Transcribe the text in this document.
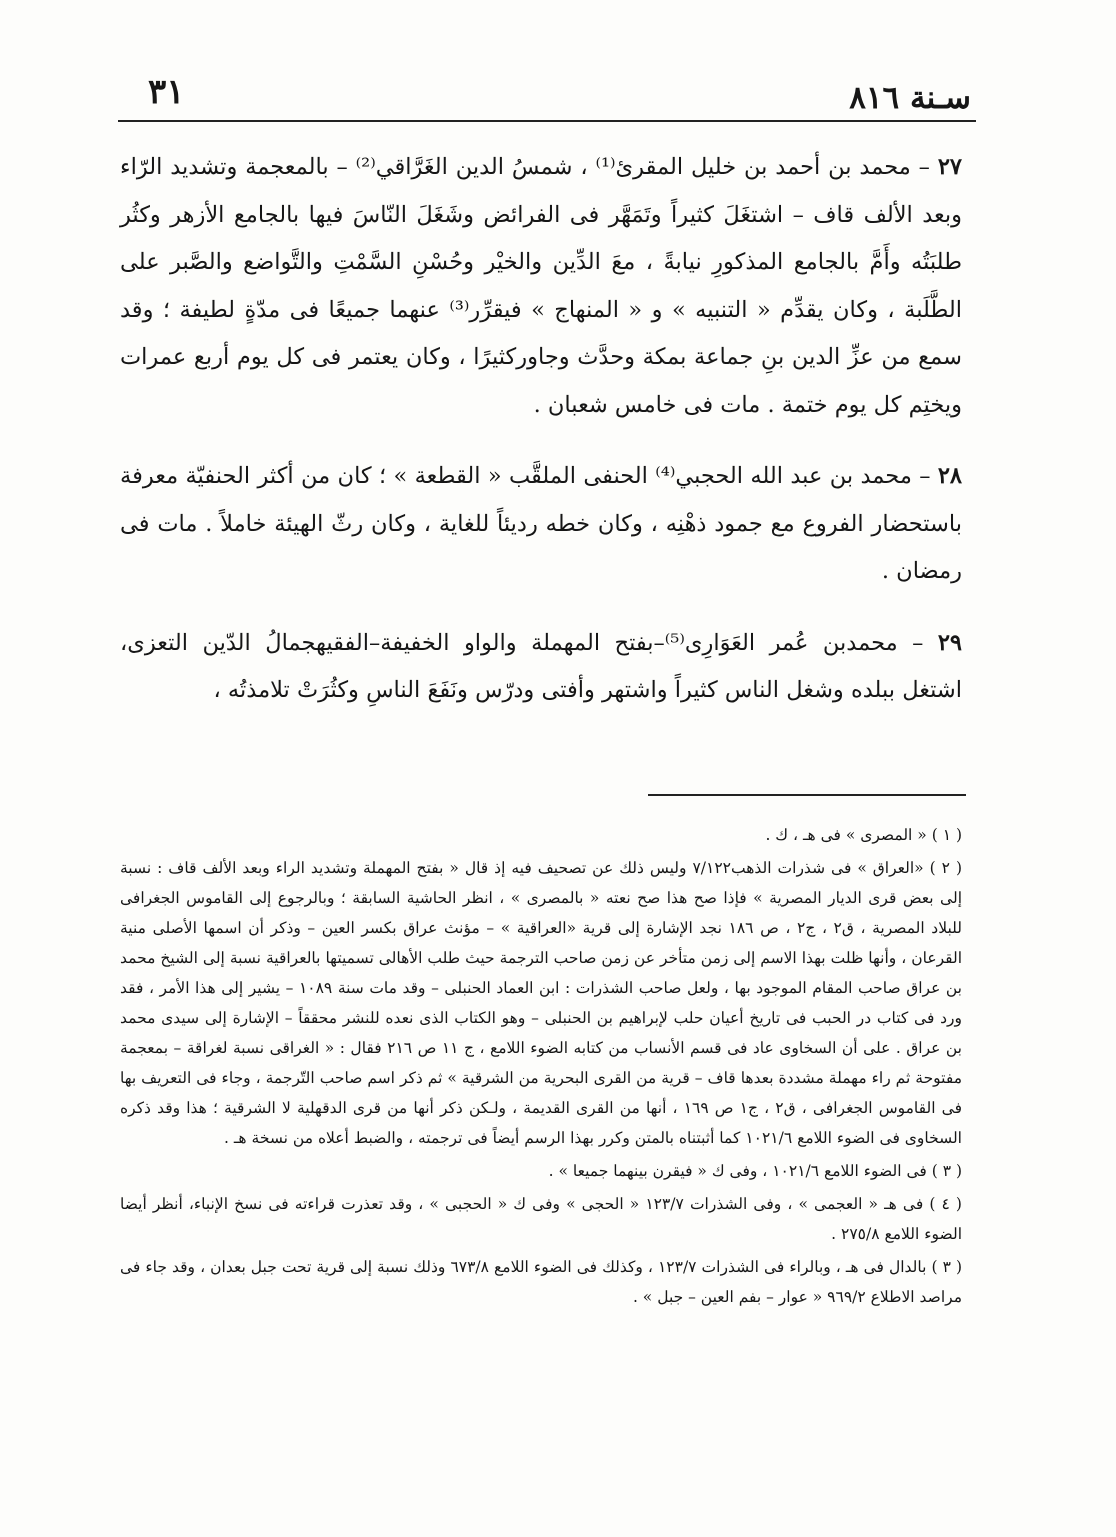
سـنة ٨١٦
٣١

٢٧ – محمد بن أحمد بن خليل المقرئ⁽¹⁾ ، شمسُ الدين الغَرَّاقي⁽²⁾ – بالمعجمة وتشديد الرّاء وبعد الألف قاف – اشتغَلَ كثيراً وتَمَهَّر فى الفرائض وشَغَلَ النّاسَ فيها بالجامع الأزهر وكثُر طلبَتُه وأَمَّ بالجامع المذكورِ نيابةً ، معَ الدِّين والخيْر وحُسْنِ السَّمْتِ والتَّواضع والصَّبر على الطَّلَبة ، وكان يقدِّم « التنبيه » و « المنهاج » فيقرِّر⁽³⁾ عنهما جميعًا فى مدّةٍ لطيفة ؛ وقد سمع من عزِّ الدين بنِ جماعة بمكة وحدَّث وجاوركثيرًا ، وكان يعتمر فى كل يوم أربع عمرات ويختِم كل يوم ختمة . مات فى خامس شعبان .

٢٨ – محمد بن عبد الله الحجبي⁽⁴⁾ الحنفى الملقَّب « القطعة » ؛ كان من أكثر الحنفيّة معرفة باستحضار الفروع مع جمود ذهْنِه ، وكان خطه رديئاً للغاية ، وكان رثّ الهيئة خاملاً . مات فى رمضان .

٢٩ – محمدبن عُمر العَوَارِى⁽⁵⁾–بفتح المهملة والواو الخفيفة–الفقيهجمالُ الدّين التعزى، اشتغل ببلده وشغل الناس كثيراً واشتهر وأفتى ودرّس ونَفَعَ الناسِ وكثُرَتْ تلامذتُه ،

( ١ ) « المصرى » فى هـ ، ك .

( ٢ ) «العراق » فى شذرات الذهب٧/١٢٢ وليس ذلك عن تصحيف فيه إذ قال « بفتح المهملة وتشديد الراء وبعد الألف قاف : نسبة إلى بعض قرى الديار المصرية » فإذا صح هذا صح نعته « بالمصرى » ، انظر الحاشية السابقة ؛ وبالرجوع إلى القاموس الجغرافى للبلاد المصرية ، ق٢ ، ج٢ ، ص ١٨٦ نجد الإشارة إلى قرية «العراقية » – مؤنث عراق بكسر العين – وذكر أن اسمها الأصلى منية القرعان ، وأنها ظلت بهذا الاسم إلى زمن متأخر عن زمن صاحب الترجمة حيث طلب الأهالى تسميتها بالعراقية نسبة إلى الشيخ محمد بن عراق صاحب المقام الموجود بها ، ولعل صاحب الشذرات : ابن العماد الحنبلى – وقد مات سنة ١٠٨٩ – يشير إلى هذا الأمر ، فقد ورد فى كتاب در الحبب فى تاريخ أعيان حلب لإبراهيم بن الحنبلى – وهو الكتاب الذى نعده للنشر محققاً – الإشارة إلى سيدى محمد بن عراق . على أن السخاوى عاد فى قسم الأنساب من كتابه الضوء اللامع ، ج ١١ ص ٢١٦ فقال : « الغراقى نسبة لغراقة – بمعجمة مفتوحة ثم راء مهملة مشددة بعدها قاف – قرية من القرى البحرية من الشرقية » ثم ذكر اسم صاحب التّرجمة ، وجاء فى التعريف بها فى القاموس الجغرافى ، ق٢ ، ج١ ص ١٦٩ ، أنها من القرى القديمة ، ولـكن ذكر أنها من قرى الدقهلية لا الشرقية ؛ هذا وقد ذكره السخاوى فى الضوء اللامع ١٠٢١/٦ كما أثبتناه بالمتن وكرر بهذا الرسم أيضاً فى ترجمته ، والضبط أعلاه من نسخة هـ .

( ٣ ) فى الضوء اللامع ١٠٢١/٦ ، وفى ك « فيقرن بينهما جميعا » .

( ٤ ) فى هـ « العجمى » ، وفى الشذرات ١٢٣/٧ « الحجى » وفى ك « الحجبى » ، وقد تعذرت قراءته فى نسخ الإنباء، أنظر أيضا الضوء اللامع ٢٧٥/٨ .

( ٣ ) بالدال فى هـ ، وبالراء فى الشذرات ١٢٣/٧ ، وكذلك فى الضوء اللامع ٦٧٣/٨ وذلك نسبة إلى قرية تحت جبل بعدان ، وقد جاء فى مراصد الاطلاع ٩٦٩/٢ « عوار – بفم العين – جبل » .
